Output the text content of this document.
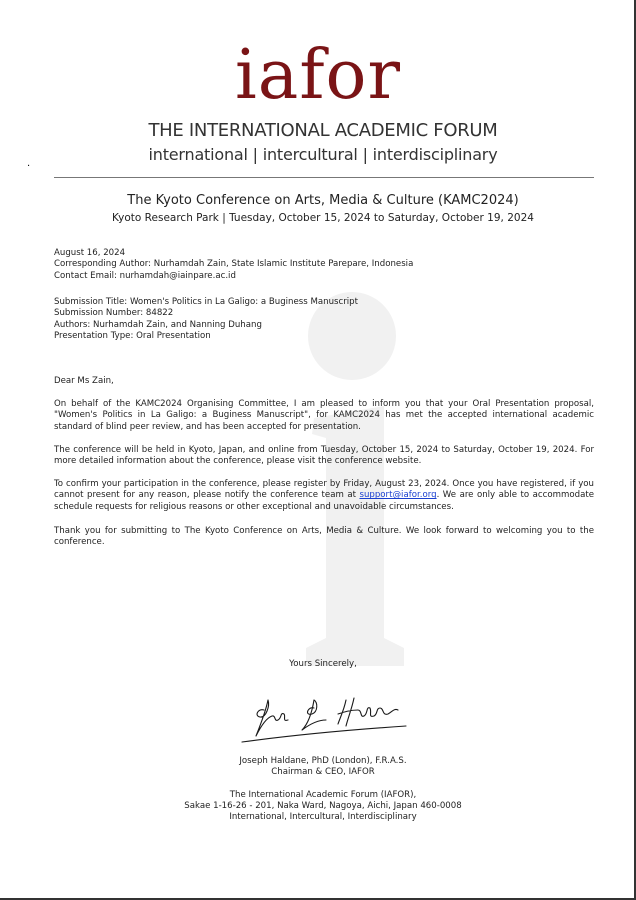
iafor
THE INTERNATIONAL ACADEMIC FORUM
international | intercultural | interdisciplinary
.
The Kyoto Conference on Arts, Media & Culture (KAMC2024)
Kyoto Research Park | Tuesday, October 15, 2024 to Saturday, October 19, 2024
August 16, 2024
Corresponding Author: Nurhamdah Zain, State Islamic Institute Parepare, Indonesia
Contact Email: nurhamdah@iainpare.ac.id
Submission Title: Women's Politics in La Galigo: a Buginess Manuscript
Submission Number: 84822
Authors: Nurhamdah Zain, and Nanning Duhang
Presentation Type: Oral Presentation
Dear Ms Zain,
On behalf of the KAMC2024 Organising Committee, I am pleased to inform you that your Oral Presentation proposal, "Women's Politics in La Galigo: a Buginess Manuscript", for KAMC2024 has met the accepted international academic standard of blind peer review, and has been accepted for presentation.
The conference will be held in Kyoto, Japan, and online from Tuesday, October 15, 2024 to Saturday, October 19, 2024. For more detailed information about the conference, please visit the conference website.
To confirm your participation in the conference, please register by Friday, August 23, 2024. Once you have registered, if you cannot present for any reason, please notify the conference team at support@iafor.org. We are only able to accommodate schedule requests for religious reasons or other exceptional and unavoidable circumstances.
Thank you for submitting to The Kyoto Conference on Arts, Media & Culture. We look forward to welcoming you to the conference.
Yours Sincerely,
Joseph Haldane, PhD (London), F.R.A.S.
Chairman & CEO, IAFOR
The International Academic Forum (IAFOR),
Sakae 1-16-26 - 201, Naka Ward, Nagoya, Aichi, Japan 460-0008
International, Intercultural, Interdisciplinary
